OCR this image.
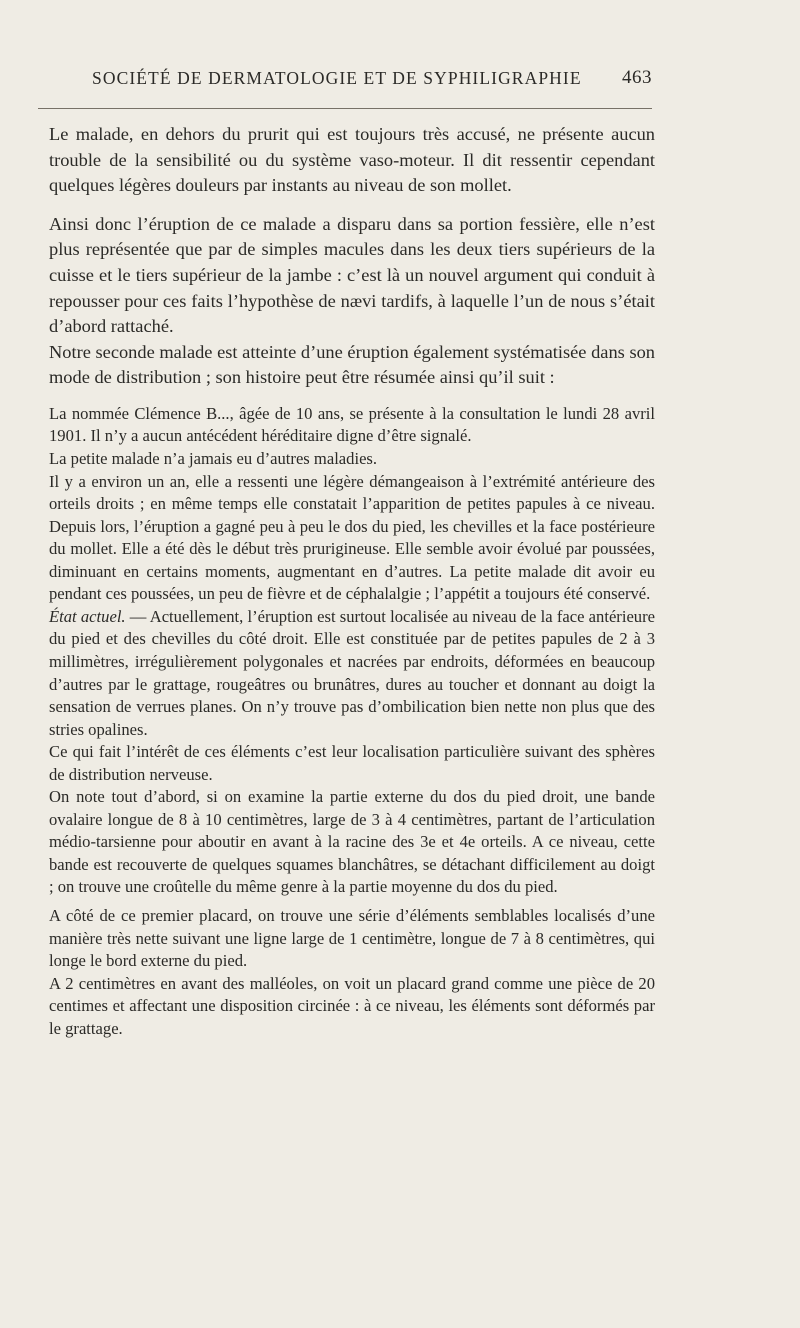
SOCIÉTÉ DE DERMATOLOGIE ET DE SYPHILIGRAPHIE 463

Le malade, en dehors du prurit qui est toujours très accusé, ne présente aucun trouble de la sensibilité ou du système vaso-moteur. Il dit ressentir cependant quelques légères douleurs par instants au niveau de son mollet.

Ainsi donc l’éruption de ce malade a disparu dans sa portion fessière, elle n’est plus représentée que par de simples macules dans les deux tiers supérieurs de la cuisse et le tiers supérieur de la jambe : c’est là un nouvel argument qui conduit à repousser pour ces faits l’hypothèse de nævi tardifs, à laquelle l’un de nous s’était d’abord rattaché.

Notre seconde malade est atteinte d’une éruption également systématisée dans son mode de distribution ; son histoire peut être résumée ainsi qu’il suit :

La nommée Clémence B..., âgée de 10 ans, se présente à la consultation le lundi 28 avril 1901. Il n’y a aucun antécédent héréditaire digne d’être signalé.

La petite malade n’a jamais eu d’autres maladies.

Il y a environ un an, elle a ressenti une légère démangeaison à l’extrémité antérieure des orteils droits ; en même temps elle constatait l’apparition de petites papules à ce niveau. Depuis lors, l’éruption a gagné peu à peu le dos du pied, les chevilles et la face postérieure du mollet. Elle a été dès le début très prurigineuse. Elle semble avoir évolué par poussées, diminuant en certains moments, augmentant en d’autres. La petite malade dit avoir eu pendant ces poussées, un peu de fièvre et de céphalalgie ; l’appétit a toujours été conservé.

État actuel. — Actuellement, l’éruption est surtout localisée au niveau de la face antérieure du pied et des chevilles du côté droit. Elle est constituée par de petites papules de 2 à 3 millimètres, irrégulièrement polygonales et nacrées par endroits, déformées en beaucoup d’autres par le grattage, rougeâtres ou brunâtres, dures au toucher et donnant au doigt la sensation de verrues planes. On n’y trouve pas d’ombilication bien nette non plus que des stries opalines.

Ce qui fait l’intérêt de ces éléments c’est leur localisation particulière suivant des sphères de distribution nerveuse.

On note tout d’abord, si on examine la partie externe du dos du pied droit, une bande ovalaire longue de 8 à 10 centimètres, large de 3 à 4 centimètres, partant de l’articulation médio-tarsienne pour aboutir en avant à la racine des 3e et 4e orteils. A ce niveau, cette bande est recouverte de quelques squames blanchâtres, se détachant difficilement au doigt ; on trouve une croûtelle du même genre à la partie moyenne du dos du pied.

A côté de ce premier placard, on trouve une série d’éléments semblables localisés d’une manière très nette suivant une ligne large de 1 centimètre, longue de 7 à 8 centimètres, qui longe le bord externe du pied.

A 2 centimètres en avant des malléoles, on voit un placard grand comme une pièce de 20 centimes et affectant une disposition circinée : à ce niveau, les éléments sont déformés par le grattage.
